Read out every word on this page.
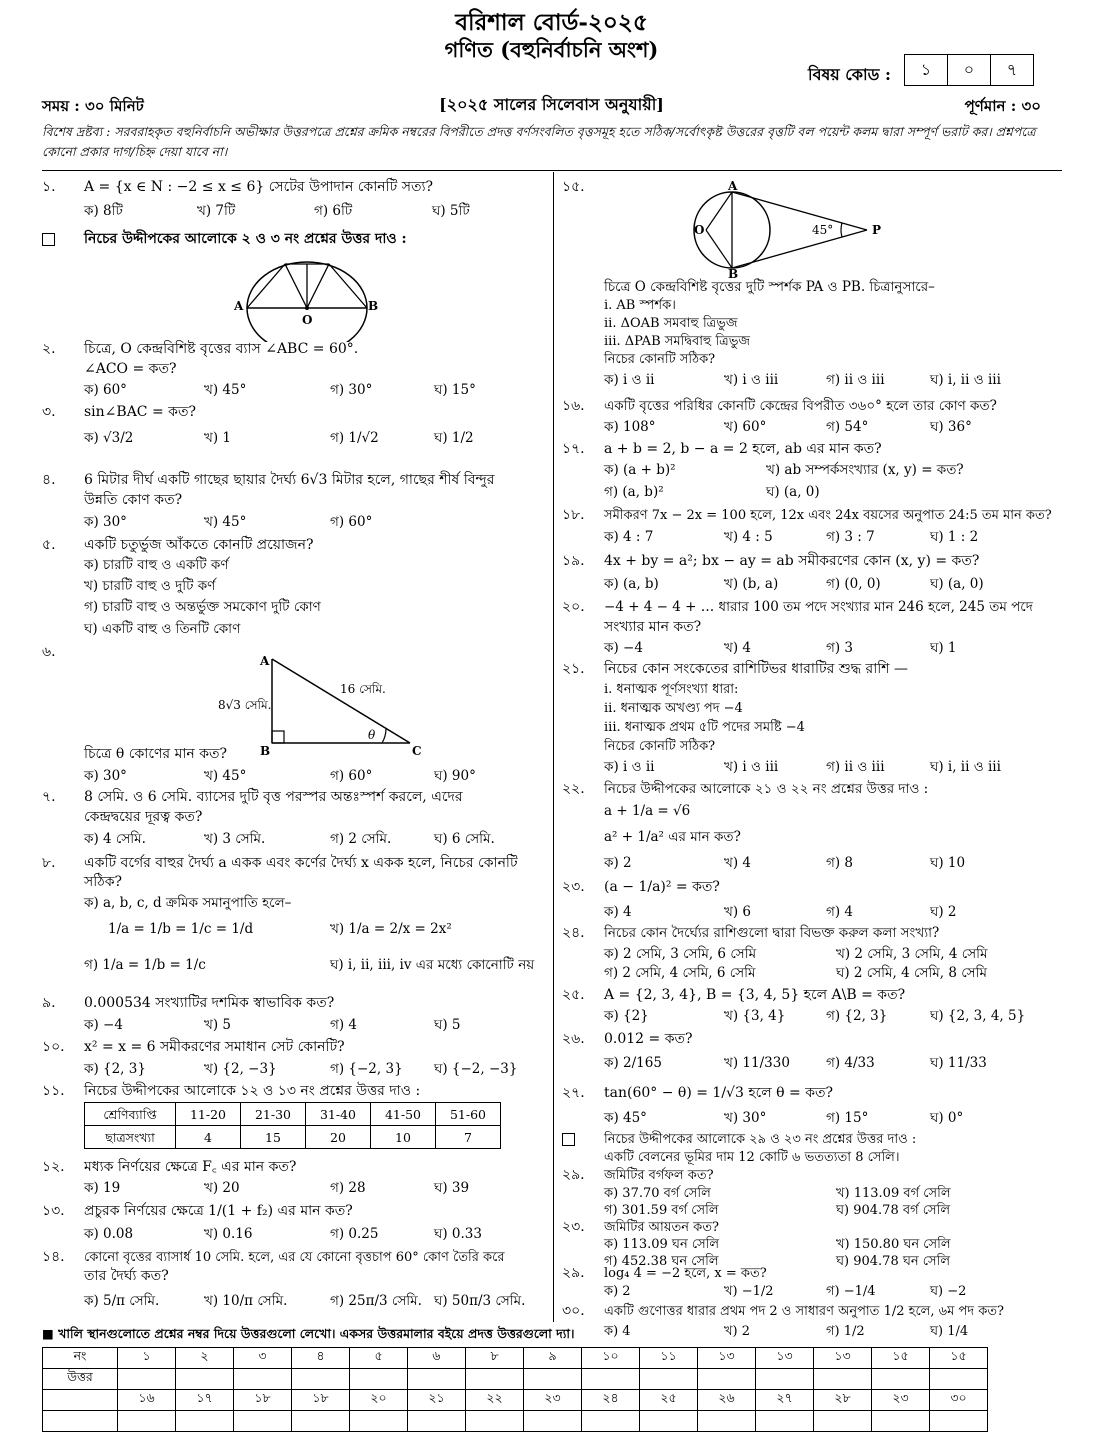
বরিশাল বোর্ড-২০২৫
গণিত (বহুনির্বাচনি অংশ)
বিষয় কোড :	১	০	৭
সময় : ৩০ মিনিট	[২০২৫ সালের সিলেবাস অনুযায়ী]	পূর্ণমান : ৩০
বিশেষ দ্রষ্টব্য : সরবরাহকৃত বহুনির্বাচনি অভীক্ষার উত্তরপত্রে প্রশ্নের ক্রমিক নম্বরের বিপরীতে প্রদত্ত বর্ণসংবলিত বৃত্তসমূহ হতে সঠিক/সর্বোৎকৃষ্ট উত্তরের বৃত্তটি বল পয়েন্ট কলম দ্বারা সম্পূর্ণ ভরাট কর। প্রশ্নপত্রে কোনো প্রকার দাগ/চিহ্ন দেয়া যাবে না।
১.	A = {x ∈ N : −2 ≤ x ≤ 6} সেটের উপাদান কোনটি সত্য?
ক) 8টি	খ) 7টি	গ) 6টি	ঘ) 5টি
নিচের উদ্দীপকের আলোকে ২ ও ৩ নং প্রশ্নের উত্তর দাও :
A
O
B
২.	চিত্রে, O কেন্দ্রবিশিষ্ট বৃত্তের ব্যাস ∠ABC = 60°.
∠ACO = কত?
ক) 60°	খ) 45°	গ) 30°	ঘ) 15°
৩.	sin∠BAC = কত?
ক) √3/2	খ) 1	গ) 1/√2	ঘ) 1/2
৪.	6 মিটার দীর্ঘ একটি গাছের ছায়ার দৈর্ঘ্য 6√3 মিটার হলে, গাছের শীর্ষ বিন্দুর
উন্নতি কোণ কত?
ক) 30°	খ) 45°	গ) 60°
৫.	একটি চতুর্ভুজ আঁকতে কোনটি প্রয়োজন?
ক) চারটি বাহু ও একটি কর্ণ
খ) চারটি বাহু ও দুটি কর্ণ
গ) চারটি বাহু ও অন্তর্ভুক্ত সমকোণ দুটি কোণ
ঘ) একটি বাহু ও তিনটি কোণ
৬.
A
B	C
8√3 সেমি.
16 সেমি.
θ
চিত্রে θ কোণের মান কত?
ক) 30°	খ) 45°	গ) 60°	ঘ) 90°
৭.	8 সেমি. ও 6 সেমি. ব্যাসের দুটি বৃত্ত পরস্পর অন্তঃস্পর্শ করলে, এদের
কেন্দ্রদ্বয়ের দূরত্ব কত?
ক) 4 সেমি.	খ) 3 সেমি.	গ) 2 সেমি.	ঘ) 6 সেমি.
৮.	একটি বর্গের বাহুর দৈর্ঘ্য a একক এবং কর্ণের দৈর্ঘ্য x একক হলে, নিচের কোনটি
সঠিক?
ক) a, b, c, d ক্রমিক সমানুপাতি হলে–
1/a = 1/b = 1/c = 1/d	খ) 1/a = 2/x = 2x²
গ) 1/a = 1/b = 1/c	ঘ) i, ii, iii, iv এর মধ্যে কোনোটি নয়
৯.	0.000534 সংখ্যাটির দশমিক স্বাভাবিক কত?
ক) −4	খ) 5	গ) 4	ঘ) 5
১০.	x² = x = 6 সমীকরণের সমাধান সেট কোনটি?
ক) {2, 3}	খ) {2, −3}	গ) {−2, 3} ঘ) {−2, −3}
১১.	নিচের উদ্দীপকের আলোকে ১২ ও ১৩ নং প্রশ্নের উত্তর দাও :
শ্রেণিব্যাপ্তি	11-20	21-30	31-40	41-50	51-60
ছাত্রসংখ্যা	4	15	20	10	7
১২.	মধ্যক নির্ণয়ের ক্ষেত্রে F꜀ এর মান কত?
ক) 19	খ) 20	গ) 28	ঘ) 39
১৩.	প্রচুরক নির্ণয়ের ক্ষেত্রে 1/(1 + f₂) এর মান কত?
ক) 0.08	খ) 0.16	গ) 0.25	ঘ) 0.33
১৪.	কোনো বৃত্তের ব্যাসার্ধ 10 সেমি. হলে, এর যে কোনো বৃত্তচাপ 60° কোণ তৈরি করে
তার দৈর্ঘ্য কত?
ক) 5/π সেমি.	খ) 10/π সেমি.	গ) 25π/3 সেমি. ঘ) 50π/3 সেমি.
১৫.	A
O
B
P
45°
চিত্রে O কেন্দ্রবিশিষ্ট বৃত্তের দুটি স্পর্শক PA ও PB. চিত্রানুসারে–
i. AB স্পর্শক।
ii. ΔOAB সমবাহু ত্রিভুজ
iii. ΔPAB সমদ্বিবাহু ত্রিভুজ
নিচের কোনটি সঠিক?
ক) i ও ii	খ) i ও iii	গ) ii ও iii	ঘ) i, ii ও iii
১৬.	একটি বৃত্তের পরিধির কোনটি কেন্দ্রের বিপরীত ৩৬০° হলে তার কোণ কত?
ক) 108°	খ) 60°	গ) 54°	ঘ) 36°
১৭.	a + b = 2, b − a = 2 হলে, ab এর মান কত?
ক) (a + b)²	খ) ab সম্পর্কসংখ্যার (x, y) = কত?
গ) (a, b)²	ঘ) (a, 0)
১৮.	সমীকরণ 7x − 2x = 100 হলে, 12x এবং 24x বয়সের অনুপাত 24:5 তম মান কত?
ক) 4 : 7	খ) 4 : 5	গ) 3 : 7	ঘ) 1 : 2
১৯.	4x + by = a²; bx − ay = ab সমীকরণের কোন (x, y) = কত?
ক) (a, b)	খ) (b, a)	গ) (0, 0)	ঘ) (a, 0)
২০.	−4 + 4 − 4 + … ধারার 100 তম পদে সংখ্যার মান 246 হলে, 245 তম পদে
সংখ্যার মান কত?
ক) −4	খ) 4	গ) 3	ঘ) 1
২১.	নিচের কোন সংকেতের রাশিটিভর ধারাটির শুদ্ধ রাশি —
i. ধনাত্মক পূর্ণসংখ্যা ধারা:
ii. ধনাত্মক অখণ্ড্য পদ −4
iii. ধনাত্মক প্রথম ৫টি পদের সমষ্টি −4
নিচের কোনটি সঠিক?
ক) i ও ii	খ) i ও iii	গ) ii ও iii	ঘ) i, ii ও iii
২২.	নিচের উদ্দীপকের আলোকে ২১ ও ২২ নং প্রশ্নের উত্তর দাও :
a + 1/a = √6
a² + 1/a² এর মান কত?
ক) 2	খ) 4	গ) 8	ঘ) 10
২৩.	(a − 1/a)² = কত?
ক) 4	খ) 6	গ) 4	ঘ) 2
২৪.	নিচের কোন দৈর্ঘ্যের রাশিগুলো দ্বারা বিভক্ত করুল কলা সংখ্যা?
ক) 2 সেমি, 3 সেমি, 6 সেমি	খ) 2 সেমি, 3 সেমি, 4 সেমি
গ) 2 সেমি, 4 সেমি, 6 সেমি	ঘ) 2 সেমি, 4 সেমি, 8 সেমি
২৫.	A = {2, 3, 4}, B = {3, 4, 5} হলে A\B = কত?
ক) {2}	খ) {3, 4}	গ) {2, 3}	ঘ) {2, 3, 4, 5}
২৬.	0.012̇ = কত?
ক) 2/165	খ) 11/330	গ) 4/33	ঘ) 11/33
২৭.	tan(60° − θ) = 1/√3 হলে θ = কত?
ক) 45°	খ) 30°	গ) 15°	ঘ) 0°
নিচের উদ্দীপকের আলোকে ২৯ ও ২৩ নং প্রশ্নের উত্তর দাও :
একটি বেলনের ভূমির দাম 12 কোটি ৬ ভতত্যতা 8 সেলি।
২৯.	জমিটির বর্গফল কত?
ক) 37.70 বর্গ সেলি	খ) 113.09 বর্গ সেলি
গ) 301.59 বর্গ সেলি	ঘ) 904.78 বর্গ সেলি
২৩.	জমিটির আয়তন কত?
ক) 113.09 ঘন সেলি	খ) 150.80 ঘন সেলি
গ) 452.38 ঘন সেলি	ঘ) 904.78 ঘন সেলি
২৯.	log₄ 4 = −2 হলে, x = কত?
ক) 2	খ) −1/2	গ) −1/4	ঘ) −2
৩০.	একটি গুণোত্তর ধারার প্রথম পদ 2 ও সাধারণ অনুপাত 1/2 হলে, ৬ম পদ কত?
ক) 4	খ) 2	গ) 1/2	ঘ) 1/4
■ খালি স্থানগুলোতে প্রশ্নের নম্বর দিয়ে উত্তরগুলো লেখো। একসর উত্তরমালার বইয়ে প্রদত্ত উত্তরগুলো দ্যা।
নং	১	২	৩	৪	৫	৬	৮	৯	১০	১১	১৩	১৩	১৩	১৫	১৫
উত্তর															
	১৬	১৭	১৮	১৮	২০	২১	২২	২৩	২৪	২৫	২৬	২৭	২৮	২৩	৩০
